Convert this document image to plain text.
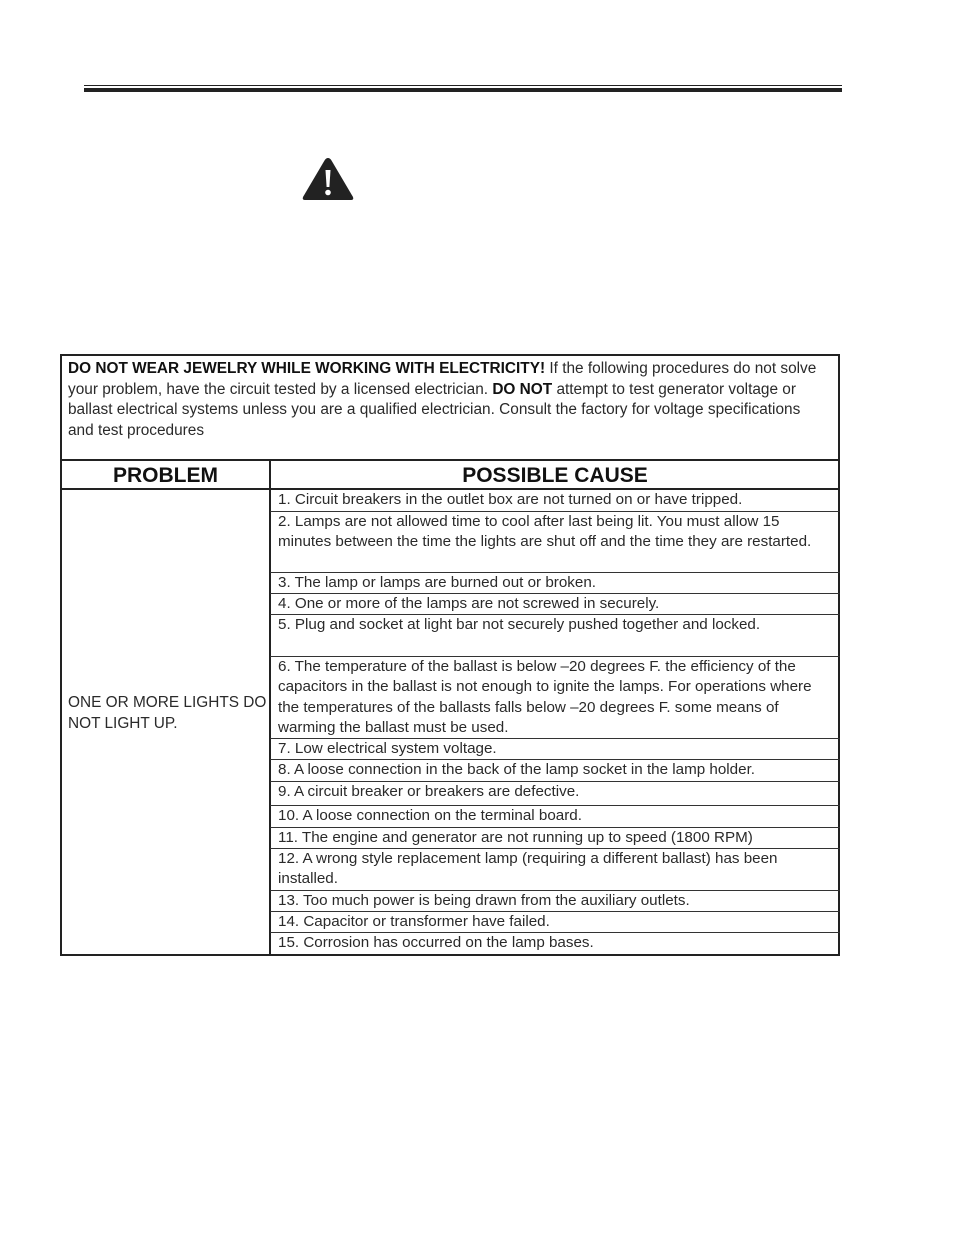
DO NOT WEAR JEWELRY WHILE WORKING WITH ELECTRICITY! If the following procedures do not solve your problem, have the circuit tested by a licensed electrician. DO NOT attempt to test generator voltage or ballast electrical systems unless you are a qualified electrician. Consult the factory for voltage specifications and test procedures
PROBLEM	POSSIBLE CAUSE
ONE OR MORE LIGHTS DO NOT LIGHT UP.
1. Circuit breakers in the outlet box are not turned on or have tripped.
2. Lamps are not allowed time to cool after last being lit. You must allow 15 minutes between the time the lights are shut off and the time they are restarted.
3. The lamp or lamps are burned out or broken.
4. One or more of the lamps are not screwed in securely.
5. Plug and socket at light bar not securely pushed together and locked.
6. The temperature of the ballast is below –20 degrees F. the efficiency of the capacitors in the ballast is not enough to ignite the lamps. For operations where the temperatures of the ballasts falls below –20 degrees F. some means of warming the ballast must be used.
7. Low electrical system voltage.
8. A loose connection in the back of the lamp socket in the lamp holder.
9. A circuit breaker or breakers are defective.
10. A loose connection on the terminal board.
11. The engine and generator are not running up to speed (1800 RPM)
12. A wrong style replacement lamp (requiring a different ballast) has been installed.
13. Too much power is being drawn from the auxiliary outlets.
14. Capacitor or transformer have failed.
15. Corrosion has occurred on the lamp bases.
